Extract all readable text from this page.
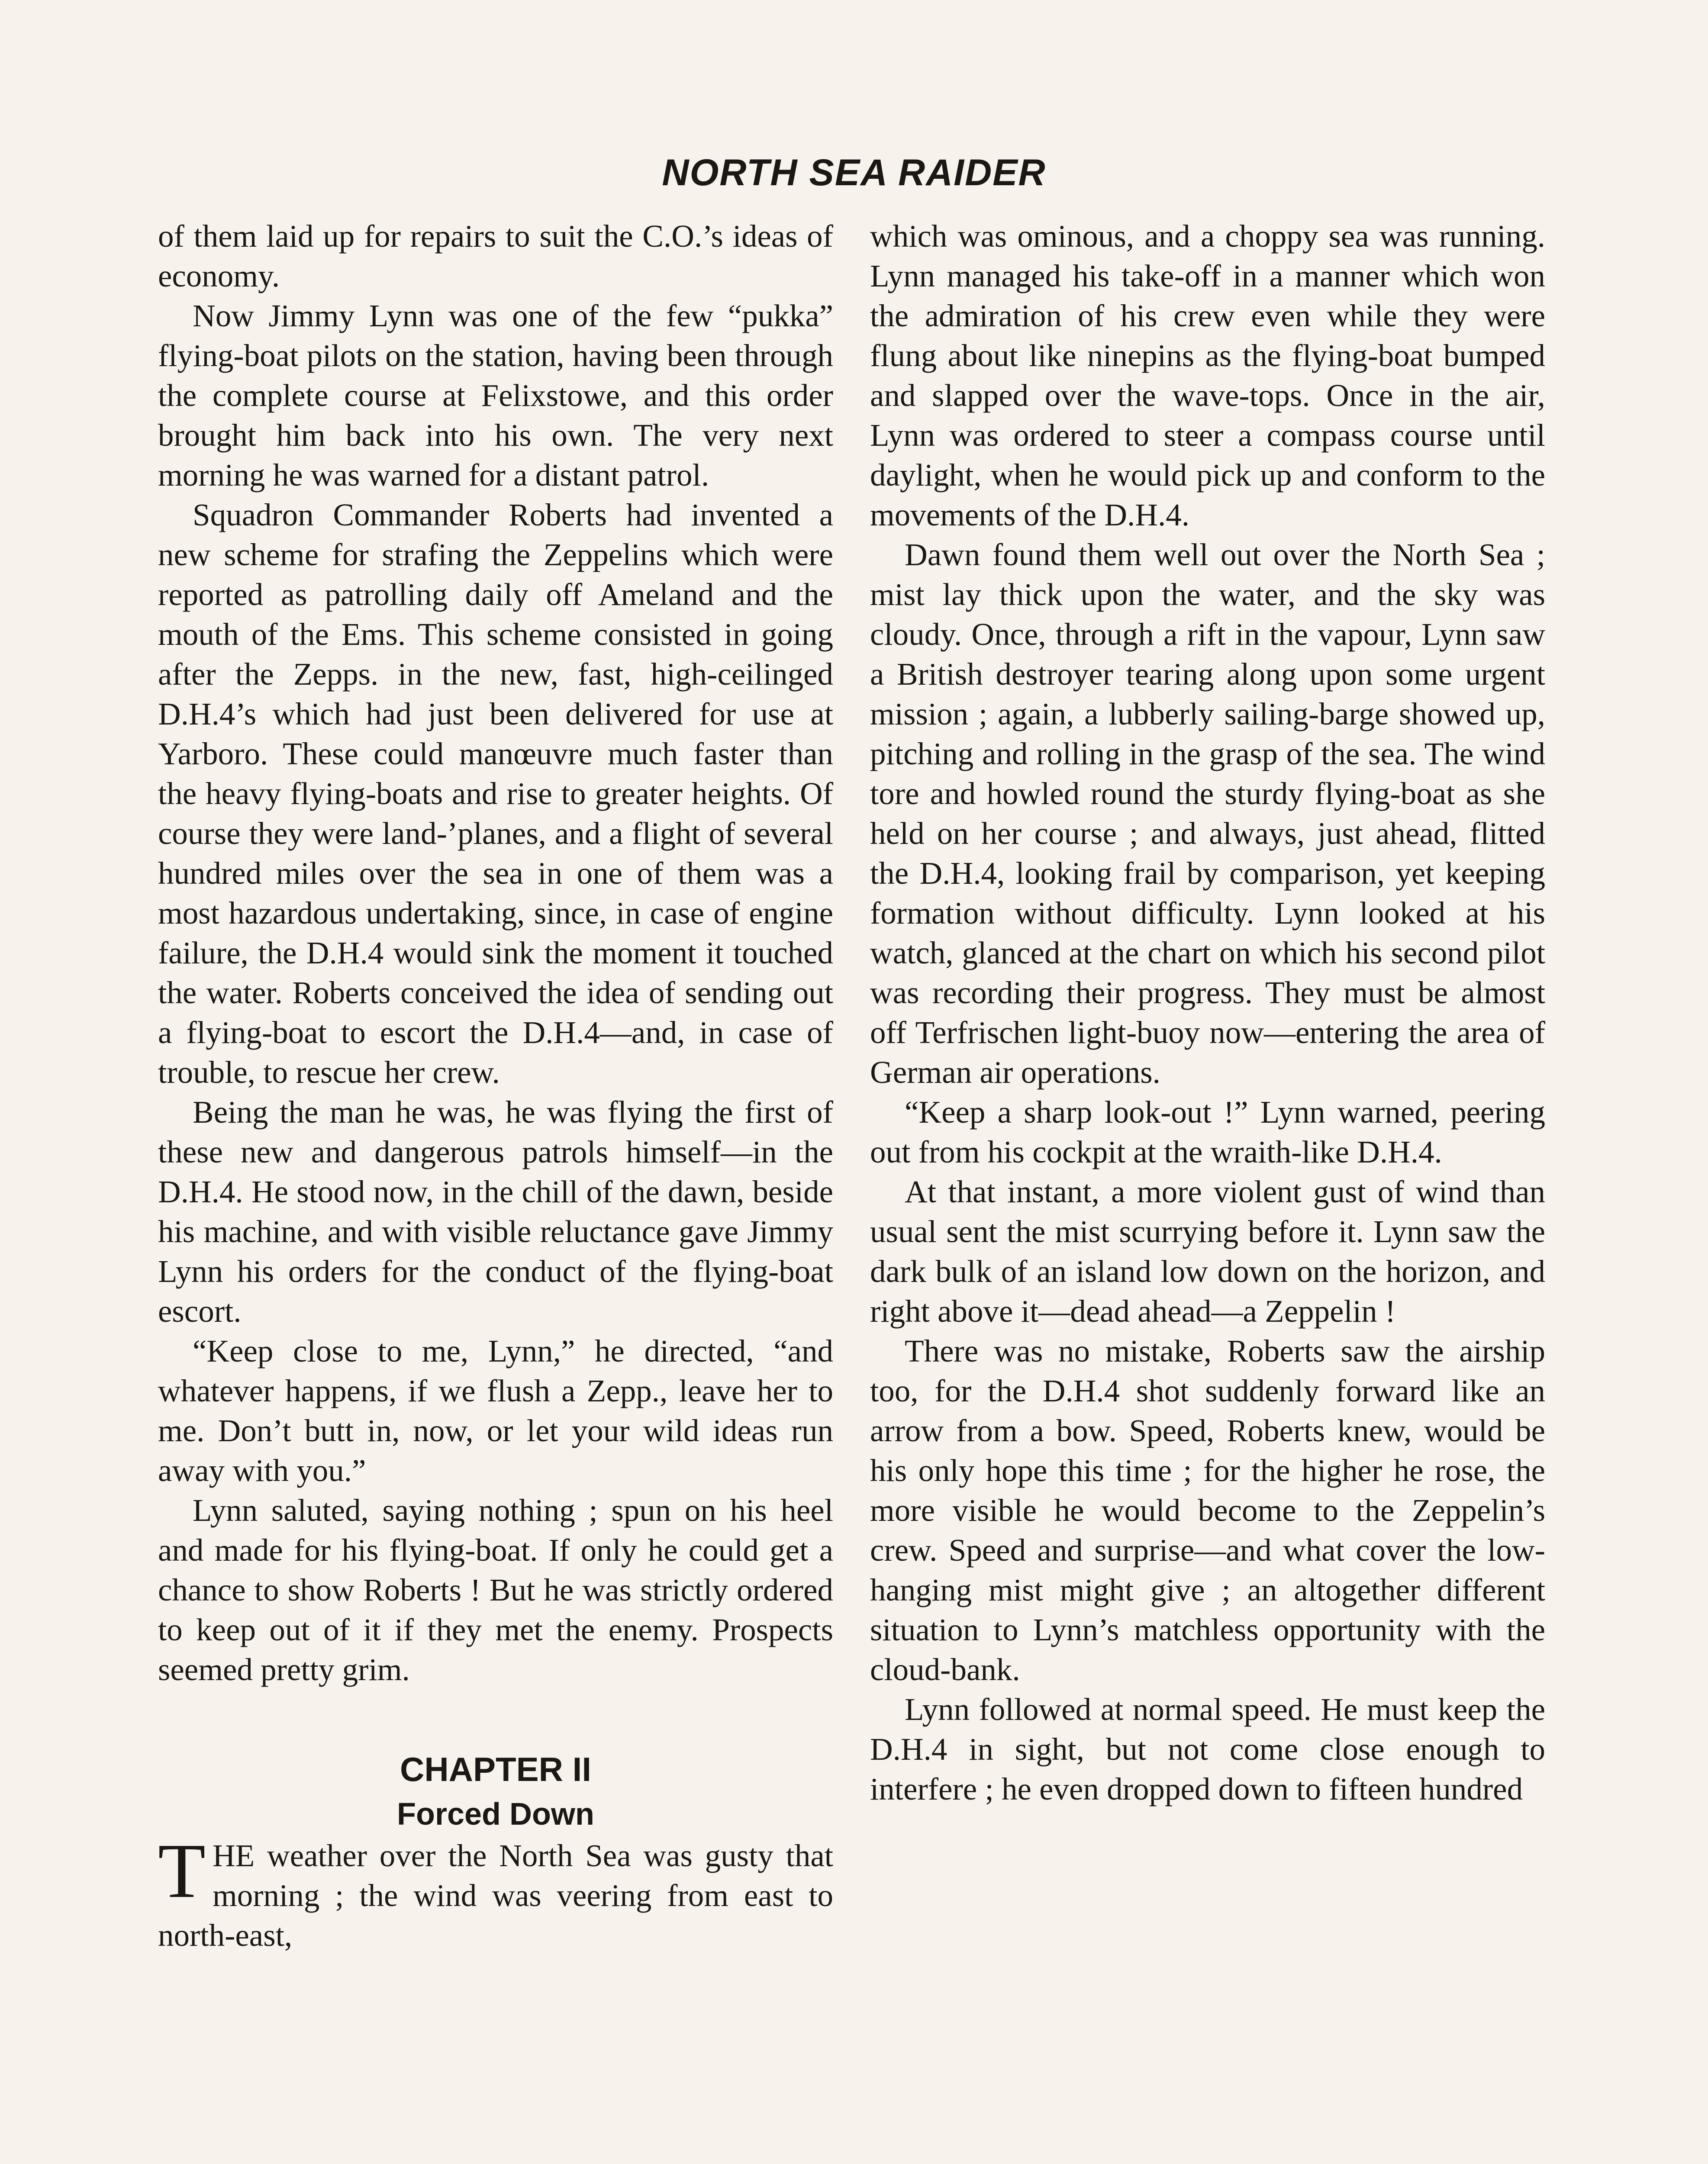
NORTH SEA RAIDER

of them laid up for repairs to suit the C.O.’s ideas of economy.

Now Jimmy Lynn was one of the few “pukka” flying-boat pilots on the station, having been through the complete course at Felixstowe, and this order brought him back into his own. The very next morning he was warned for a distant patrol.

Squadron Commander Roberts had invented a new scheme for strafing the Zeppelins which were reported as patrolling daily off Ameland and the mouth of the Ems. This scheme consisted in going after the Zepps. in the new, fast, high-ceilinged D.H.4’s which had just been delivered for use at Yarboro. These could manœuvre much faster than the heavy flying-boats and rise to greater heights. Of course they were land-’planes, and a flight of several hundred miles over the sea in one of them was a most hazardous undertaking, since, in case of engine failure, the D.H.4 would sink the moment it touched the water. Roberts conceived the idea of sending out a flying-boat to escort the D.H.4—and, in case of trouble, to rescue her crew.

Being the man he was, he was flying the first of these new and dangerous patrols himself—in the D.H.4. He stood now, in the chill of the dawn, beside his machine, and with visible reluctance gave Jimmy Lynn his orders for the conduct of the flying-boat escort.

“Keep close to me, Lynn,” he directed, “and whatever happens, if we flush a Zepp., leave her to me. Don’t butt in, now, or let your wild ideas run away with you.”

Lynn saluted, saying nothing ; spun on his heel and made for his flying-boat. If only he could get a chance to show Roberts ! But he was strictly ordered to keep out of it if they met the enemy. Prospects seemed pretty grim.

CHAPTER II
Forced Down

THE weather over the North Sea was gusty that morning ; the wind was veering from east to north-east,

which was ominous, and a choppy sea was running. Lynn managed his take-off in a manner which won the admiration of his crew even while they were flung about like ninepins as the flying-boat bumped and slapped over the wave-tops. Once in the air, Lynn was ordered to steer a compass course until daylight, when he would pick up and conform to the movements of the D.H.4.

Dawn found them well out over the North Sea ; mist lay thick upon the water, and the sky was cloudy. Once, through a rift in the vapour, Lynn saw a British destroyer tearing along upon some urgent mission ; again, a lubberly sailing-barge showed up, pitching and rolling in the grasp of the sea. The wind tore and howled round the sturdy flying-boat as she held on her course ; and always, just ahead, flitted the D.H.4, looking frail by comparison, yet keeping formation without difficulty. Lynn looked at his watch, glanced at the chart on which his second pilot was recording their progress. They must be almost off Terfrischen light-buoy now—entering the area of German air operations.

“Keep a sharp look-out !” Lynn warned, peering out from his cockpit at the wraith-like D.H.4.

At that instant, a more violent gust of wind than usual sent the mist scurrying before it. Lynn saw the dark bulk of an island low down on the horizon, and right above it—dead ahead—a Zeppelin !

There was no mistake, Roberts saw the airship too, for the D.H.4 shot suddenly forward like an arrow from a bow. Speed, Roberts knew, would be his only hope this time ; for the higher he rose, the more visible he would become to the Zeppelin’s crew. Speed and surprise—and what cover the low-hanging mist might give ; an altogether different situation to Lynn’s matchless opportunity with the cloud-bank.

Lynn followed at normal speed. He must keep the D.H.4 in sight, but not come close enough to interfere ; he even dropped down to fifteen hundred
